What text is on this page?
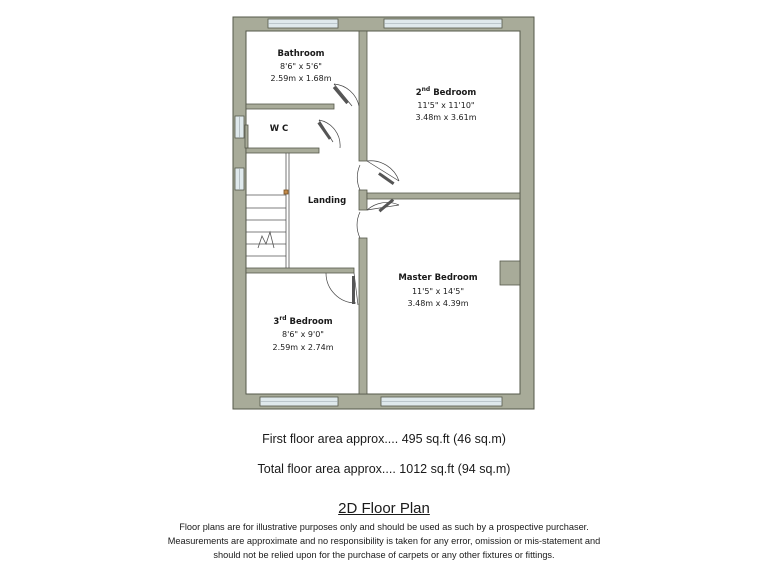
Bathroom
8'6" x 5'6"
2.59m x 1.68m
W C
2nd Bedroom
11'5" x 11'10"
3.48m x 3.61m
Landing
Master Bedroom
11'5" x 14'5"
3.48m x 4.39m
3rd Bedroom
8'6" x 9'0"
2.59m x 2.74m
First floor area approx.... 495 sq.ft (46 sq.m)
Total floor area approx.... 1012 sq.ft (94 sq.m)
2D Floor Plan
Floor plans are for illustrative purposes only and should be used as such by a prospective purchaser.
Measurements are approximate and no responsibility is taken for any error, omission or mis-statement and
should not be relied upon for the purchase of carpets or any other fixtures or fittings.
